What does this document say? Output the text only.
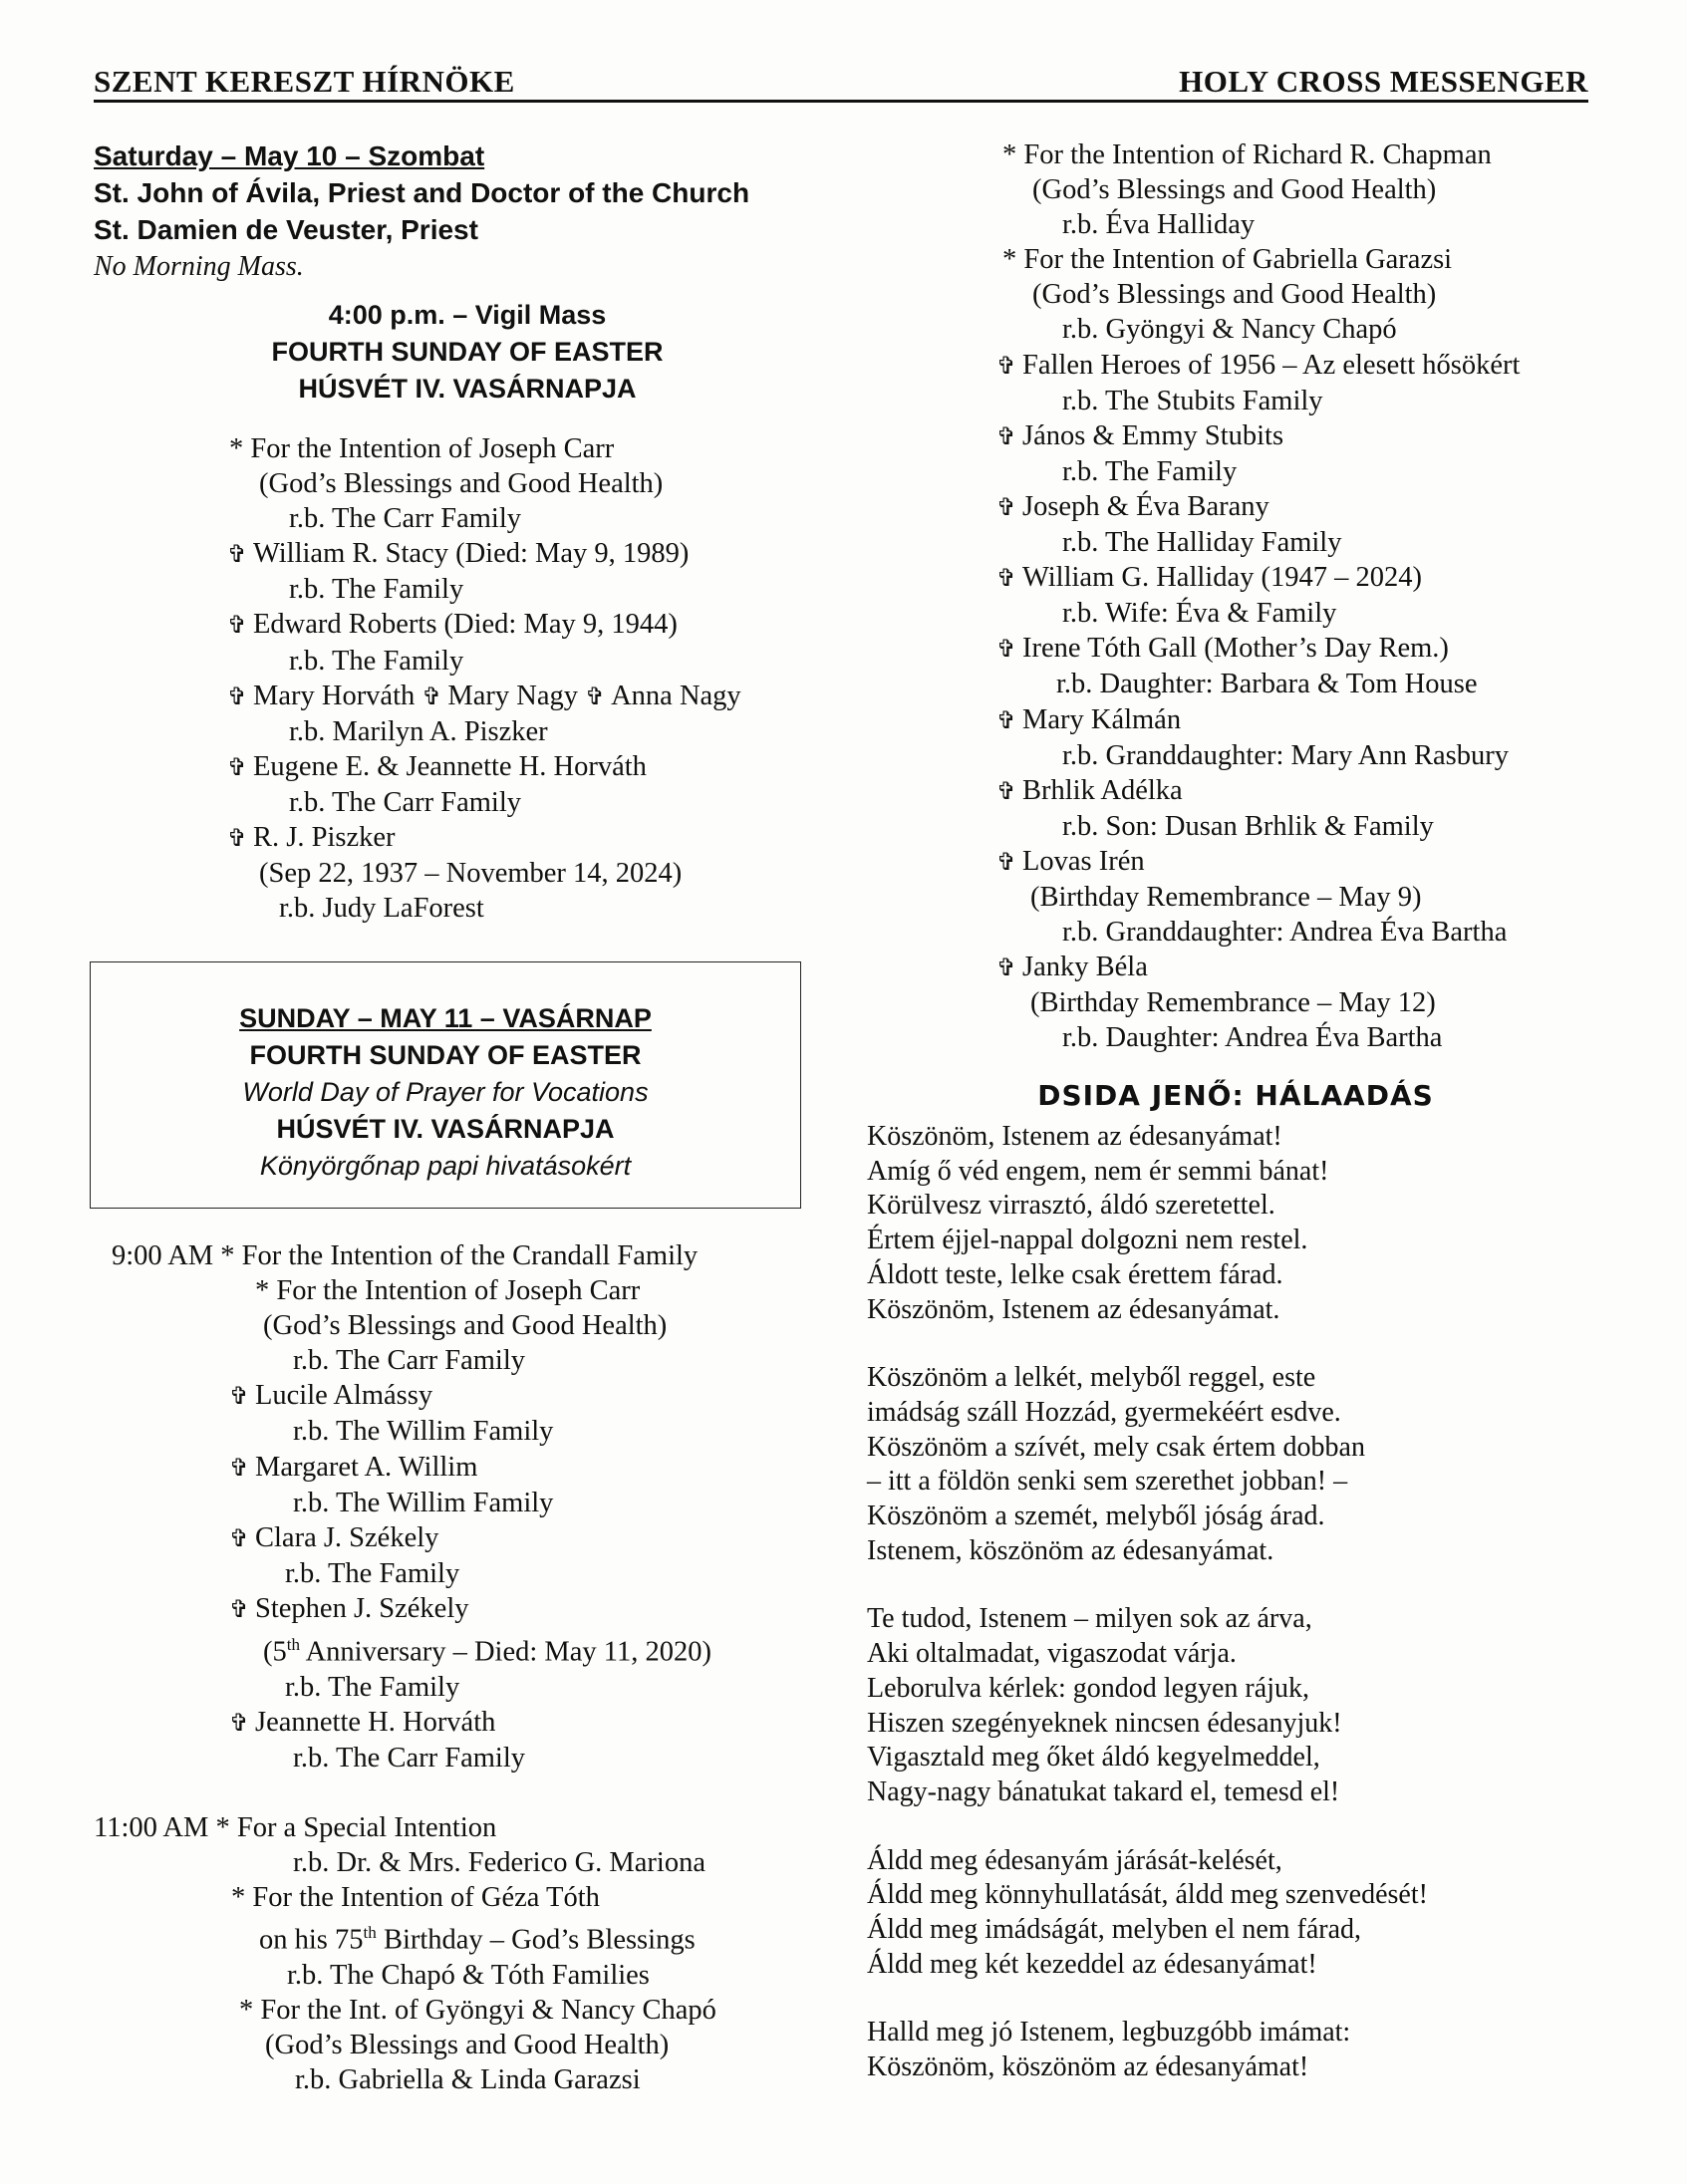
SZENT KERESZT HÍRNÖKE	HOLY CROSS MESSENGER
Saturday – May 10 – Szombat
St. John of Ávila, Priest and Doctor of the Church
St. Damien de Veuster, Priest
No Morning Mass.
4:00 p.m. – Vigil Mass
FOURTH SUNDAY OF EASTER
HÚSVÉT IV. VASÁRNAPJA
* For the Intention of Joseph Carr
(God’s Blessings and Good Health)
r.b. The Carr Family
✞ William R. Stacy (Died: May 9, 1989)
r.b. The Family
✞ Edward Roberts (Died: May 9, 1944)
r.b. The Family
✞ Mary Horváth ✞ Mary Nagy ✞ Anna Nagy
r.b. Marilyn A. Piszker
✞ Eugene E. & Jeannette H. Horváth
r.b. The Carr Family
✞ R. J. Piszker
(Sep 22, 1937 – November 14, 2024)
r.b. Judy LaForest
SUNDAY – MAY 11 – VASÁRNAP
FOURTH SUNDAY OF EASTER
World Day of Prayer for Vocations
HÚSVÉT IV. VASÁRNAPJA
Könyörgőnap papi hivatásokért
9:00 AM * For the Intention of the Crandall Family
* For the Intention of Joseph Carr
(God’s Blessings and Good Health)
r.b. The Carr Family
✞ Lucile Almássy
r.b. The Willim Family
✞ Margaret A. Willim
r.b. The Willim Family
✞ Clara J. Székely
r.b. The Family
✞ Stephen J. Székely
(5th Anniversary – Died: May 11, 2020)
r.b. The Family
✞ Jeannette H. Horváth
r.b. The Carr Family
11:00 AM * For a Special Intention
r.b. Dr. & Mrs. Federico G. Mariona
* For the Intention of Géza Tóth
on his 75th Birthday – God’s Blessings
r.b. The Chapó & Tóth Families
* For the Int. of Gyöngyi & Nancy Chapó
(God’s Blessings and Good Health)
r.b. Gabriella & Linda Garazsi
* For the Intention of Richard R. Chapman
(God’s Blessings and Good Health)
r.b. Éva Halliday
* For the Intention of Gabriella Garazsi
(God’s Blessings and Good Health)
r.b. Gyöngyi & Nancy Chapó
✞ Fallen Heroes of 1956 – Az elesett hősökért
r.b. The Stubits Family
✞ János & Emmy Stubits
r.b. The Family
✞ Joseph & Éva Barany
r.b. The Halliday Family
✞ William G. Halliday (1947 – 2024)
r.b. Wife: Éva & Family
✞ Irene Tóth Gall (Mother’s Day Rem.)
r.b. Daughter: Barbara & Tom House
✞ Mary Kálmán
r.b. Granddaughter: Mary Ann Rasbury
✞ Brhlik Adélka
r.b. Son: Dusan Brhlik & Family
✞ Lovas Irén
(Birthday Remembrance – May 9)
r.b. Granddaughter: Andrea Éva Bartha
✞ Janky Béla
(Birthday Remembrance – May 12)
r.b. Daughter: Andrea Éva Bartha
DSIDA JENŐ: HÁLAADÁS
Köszönöm, Istenem az édesanyámat!
Amíg ő véd engem, nem ér semmi bánat!
Körülvesz virrasztó, áldó szeretettel.
Értem éjjel-nappal dolgozni nem restel.
Áldott teste, lelke csak érettem fárad.
Köszönöm, Istenem az édesanyámat.
Köszönöm a lelkét, melyből reggel, este
imádság száll Hozzád, gyermekéért esdve.
Köszönöm a szívét, mely csak értem dobban
– itt a földön senki sem szerethet jobban! –
Köszönöm a szemét, melyből jóság árad.
Istenem, köszönöm az édesanyámat.
Te tudod, Istenem – milyen sok az árva,
Aki oltalmadat, vigaszodat várja.
Leborulva kérlek: gondod legyen rájuk,
Hiszen szegényeknek nincsen édesanyjuk!
Vigasztald meg őket áldó kegyelmeddel,
Nagy-nagy bánatukat takard el, temesd el!
Áldd meg édesanyám járását-kelését,
Áldd meg könnyhullatását, áldd meg szenvedését!
Áldd meg imádságát, melyben el nem fárad,
Áldd meg két kezeddel az édesanyámat!
Halld meg jó Istenem, legbuzgóbb imámat:
Köszönöm, köszönöm az édesanyámat!
